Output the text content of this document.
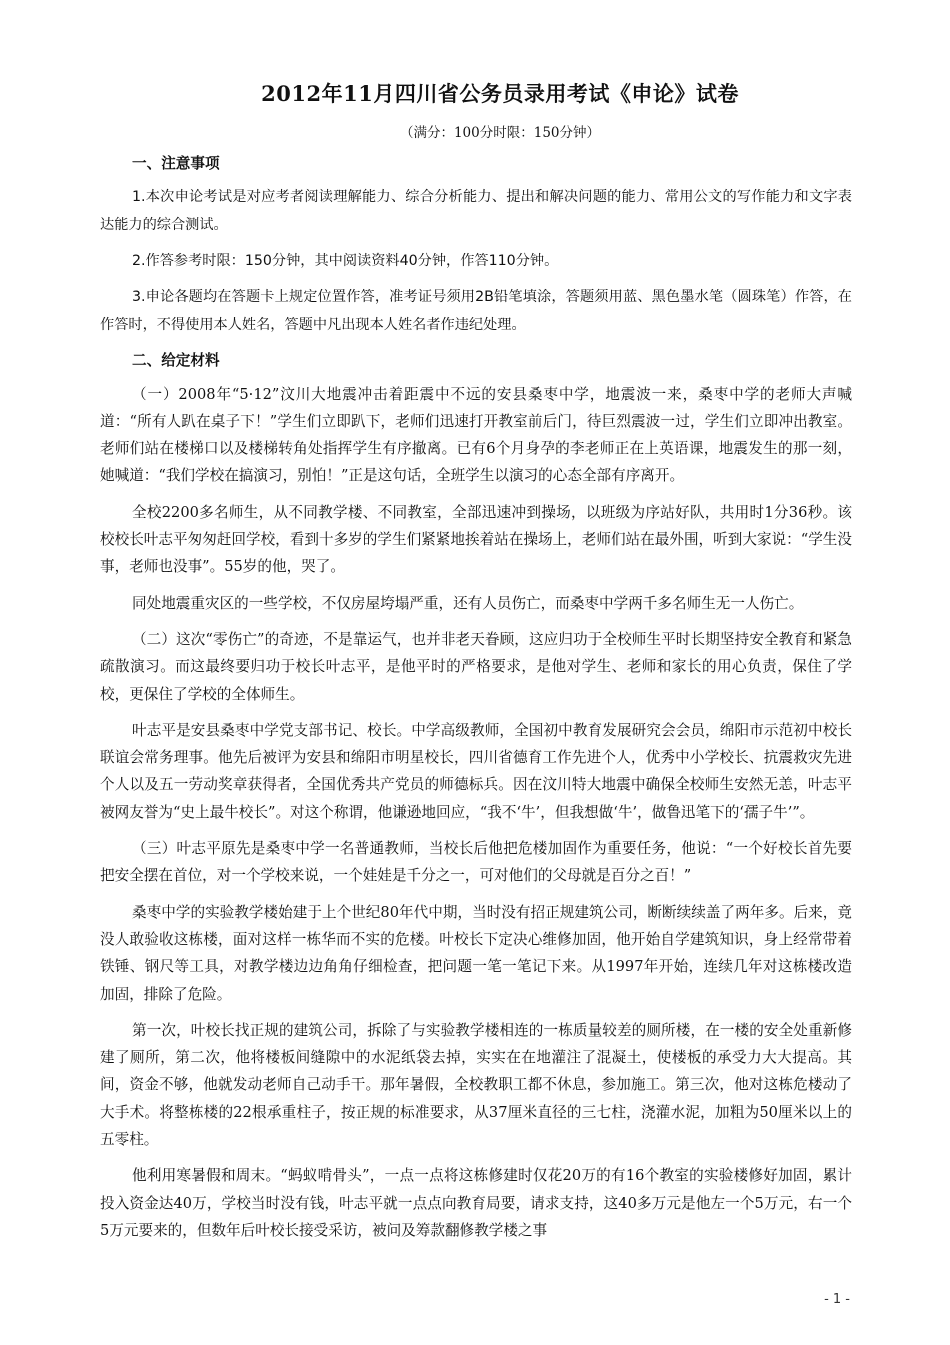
2012年11月四川省公务员录用考试《申论》试卷
（满分：100分时限：150分钟）

一、注意事项

1.本次申论考试是对应考者阅读理解能力、综合分析能力、提出和解决问题的能力、常用公文的写作能力和文字表达能力的综合测试。

2.作答参考时限：150分钟，其中阅读资料40分钟，作答110分钟。

3.申论各题均在答题卡上规定位置作答，准考证号须用2B铅笔填涂，答题须用蓝、黑色墨水笔（圆珠笔）作答，在作答时，不得使用本人姓名，答题中凡出现本人姓名者作违纪处理。

二、给定材料

（一）2008年“5·12”汶川大地震冲击着距震中不远的安县桑枣中学，地震波一来，桑枣中学的老师大声喊道：“所有人趴在桌子下！”学生们立即趴下，老师们迅速打开教室前后门，待巨烈震波一过，学生们立即冲出教室。老师们站在楼梯口以及楼梯转角处指挥学生有序撤离。已有6个月身孕的李老师正在上英语课，地震发生的那一刻，她喊道：“我们学校在搞演习，别怕！”正是这句话，全班学生以演习的心态全部有序离开。

全校2200多名师生，从不同教学楼、不同教室，全部迅速冲到操场，以班级为序站好队，共用时1分36秒。该校校长叶志平匆匆赶回学校，看到十多岁的学生们紧紧地挨着站在操场上，老师们站在最外围，听到大家说：“学生没事，老师也没事”。55岁的他，哭了。

同处地震重灾区的一些学校，不仅房屋垮塌严重，还有人员伤亡，而桑枣中学两千多名师生无一人伤亡。

（二）这次“零伤亡”的奇迹，不是靠运气，也并非老天眷顾，这应归功于全校师生平时长期坚持安全教育和紧急疏散演习。而这最终要归功于校长叶志平，是他平时的严格要求，是他对学生、老师和家长的用心负责，保住了学校，更保住了学校的全体师生。

叶志平是安县桑枣中学党支部书记、校长。中学高级教师，全国初中教育发展研究会会员，绵阳市示范初中校长联谊会常务理事。他先后被评为安县和绵阳市明星校长，四川省德育工作先进个人，优秀中小学校长、抗震救灾先进个人以及五一劳动奖章获得者，全国优秀共产党员的师德标兵。因在汶川特大地震中确保全校师生安然无恙，叶志平被网友誉为“史上最牛校长”。对这个称谓，他谦逊地回应，“我不‘牛’，但我想做‘牛’，做鲁迅笔下的‘孺子牛’”。

（三）叶志平原先是桑枣中学一名普通教师，当校长后他把危楼加固作为重要任务，他说：“一个好校长首先要把安全摆在首位，对一个学校来说，一个娃娃是千分之一，可对他们的父母就是百分之百！”

桑枣中学的实验教学楼始建于上个世纪80年代中期，当时没有招正规建筑公司，断断续续盖了两年多。后来，竟没人敢验收这栋楼，面对这样一栋华而不实的危楼。叶校长下定决心维修加固，他开始自学建筑知识，身上经常带着铁锤、钢尺等工具，对教学楼边边角角仔细检查，把问题一笔一笔记下来。从1997年开始，连续几年对这栋楼改造加固，排除了危险。

第一次，叶校长找正规的建筑公司，拆除了与实验教学楼相连的一栋质量较差的厕所楼，在一楼的安全处重新修建了厕所，第二次，他将楼板间缝隙中的水泥纸袋去掉，实实在在地灌注了混凝土，使楼板的承受力大大提高。其间，资金不够，他就发动老师自己动手干。那年暑假，全校教职工都不休息，参加施工。第三次，他对这栋危楼动了大手术。将整栋楼的22根承重柱子，按正规的标准要求，从37厘米直径的三七柱，浇灌水泥，加粗为50厘米以上的五零柱。

他利用寒暑假和周末。“蚂蚁啃骨头”，一点一点将这栋修建时仅花20万的有16个教室的实验楼修好加固，累计投入资金达40万，学校当时没有钱，叶志平就一点点向教育局要，请求支持，这40多万元是他左一个5万元，右一个5万元要来的，但数年后叶校长接受采访，被问及筹款翻修教学楼之事

- 1 -
